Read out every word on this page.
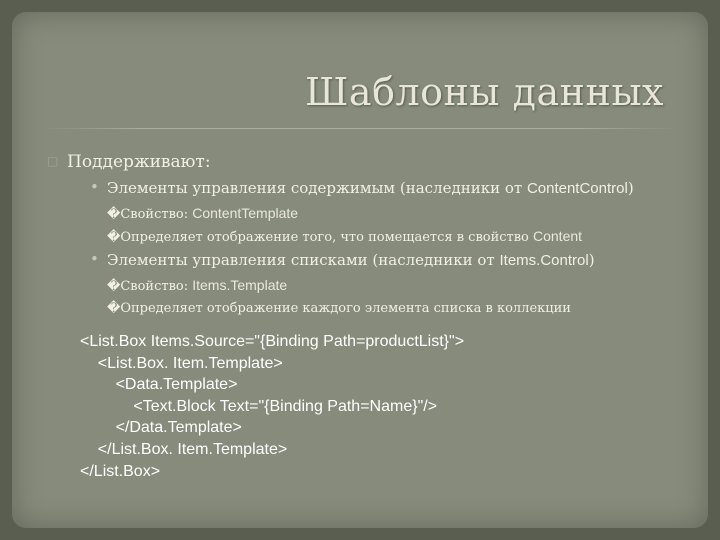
Шаблоны данных
□ Поддерживают:
• Элементы управления содержимым (наследники от ContentControl)
�Свойство: ContentTemplate
�Определяет отображение того, что помещается в свойство Content
• Элементы управления списками (наследники от Items.Control)
�Свойство: Items.Template
�Определяет отображение каждого элемента списка в коллекции
<List.Box Items.Source="{Binding Path=productList}">
<List.Box. Item.Template>
<Data.Template>
<Text.Block Text="{Binding Path=Name}"/>
</Data.Template>
</List.Box. Item.Template>
</List.Box>
